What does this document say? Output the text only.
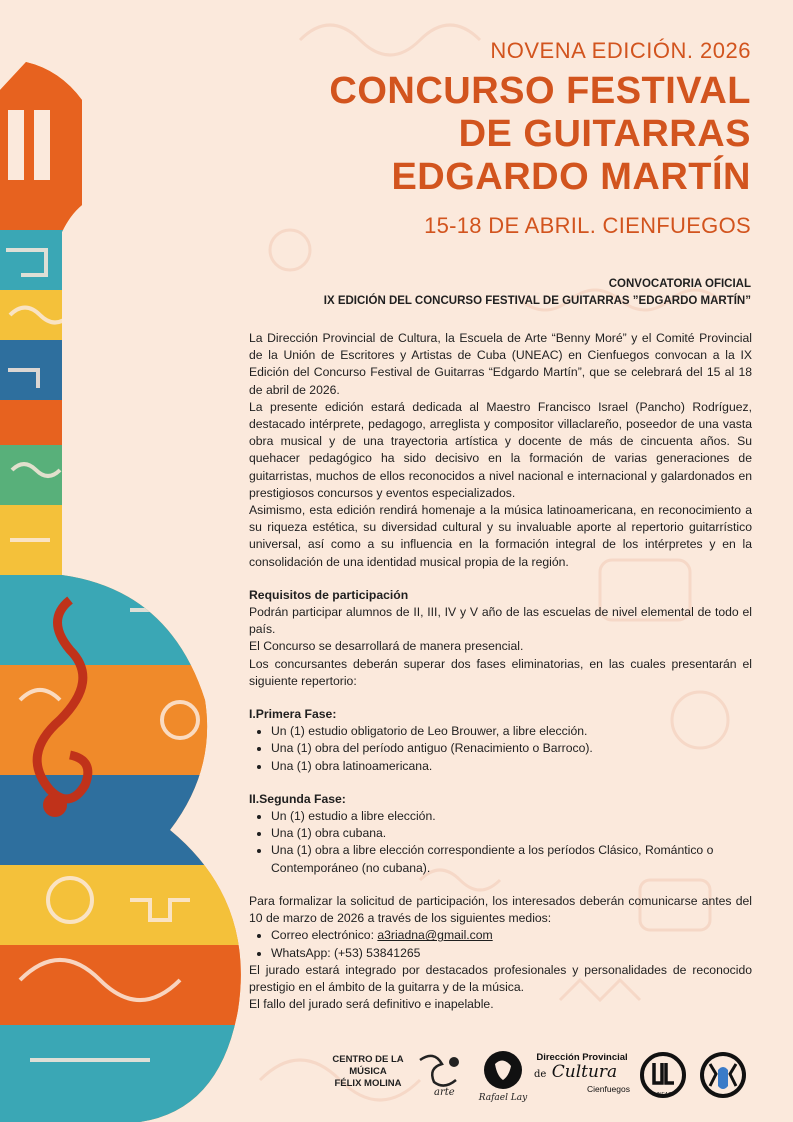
NOVENA EDICIÓN. 2026
CONCURSO FESTIVAL
DE GUITARRAS
EDGARDO MARTÍN
15-18 DE ABRIL. CIENFUEGOS
CONVOCATORIA OFICIAL
IX EDICIÓN DEL CONCURSO FESTIVAL DE GUITARRAS ”EDGARDO MARTÍN”

La Dirección Provincial de Cultura, la Escuela de Arte “Benny Moré” y el Comité Provincial de la Unión de Escritores y Artistas de Cuba (UNEAC) en Cienfuegos convocan a la IX Edición del Concurso Festival de Guitarras “Edgardo Martín”, que se celebrará del 15 al 18 de abril de 2026.

La presente edición estará dedicada al Maestro Francisco Israel (Pancho) Rodríguez, destacado intérprete, pedagogo, arreglista y compositor villaclareño, poseedor de una vasta obra musical y de una trayectoria artística y docente de más de cincuenta años. Su quehacer pedagógico ha sido decisivo en la formación de varias generaciones de guitarristas, muchos de ellos reconocidos a nivel nacional e internacional y galardonados en prestigiosos concursos y eventos especializados.

Asimismo, esta edición rendirá homenaje a la música latinoamericana, en reconocimiento a su riqueza estética, su diversidad cultural y su invaluable aporte al repertorio guitarrístico universal, así como a su influencia en la formación integral de los intérpretes y en la consolidación de una identidad musical propia de la región.

Requisitos de participación

Podrán participar alumnos de II, III, IV y V año de las escuelas de nivel elemental de todo el país.

El Concurso se desarrollará de manera presencial.

Los concursantes deberán superar dos fases eliminatorias, en las cuales presentarán el siguiente repertorio:

I.Primera Fase:

• Un (1) estudio obligatorio de Leo Brouwer, a libre elección.
• Una (1) obra del período antiguo (Renacimiento o Barroco).
• Una (1) obra latinoamericana.

II.Segunda Fase:

• Un (1) estudio a libre elección.
• Una (1) obra cubana.
• Una (1) obra a libre elección correspondiente a los períodos Clásico, Romántico o Contemporáneo (no cubana).

Para formalizar la solicitud de participación, los interesados deberán comunicarse antes del 10 de marzo de 2026 a través de los siguientes medios:

• Correo electrónico: a3riadna@gmail.com
• WhatsApp: (+53) 53841265

El jurado estará integrado por destacados profesionales y personalidades de reconocido prestigio en el ámbito de la guitarra y de la música.

El fallo del jurado será definitivo e inapelable.

CENTRO DE LA
MÚSICA
FÉLIX MOLINA
arte	Rafael Lay
Dirección Provincial
de Cultura
Cienfuegos
UNEAC
